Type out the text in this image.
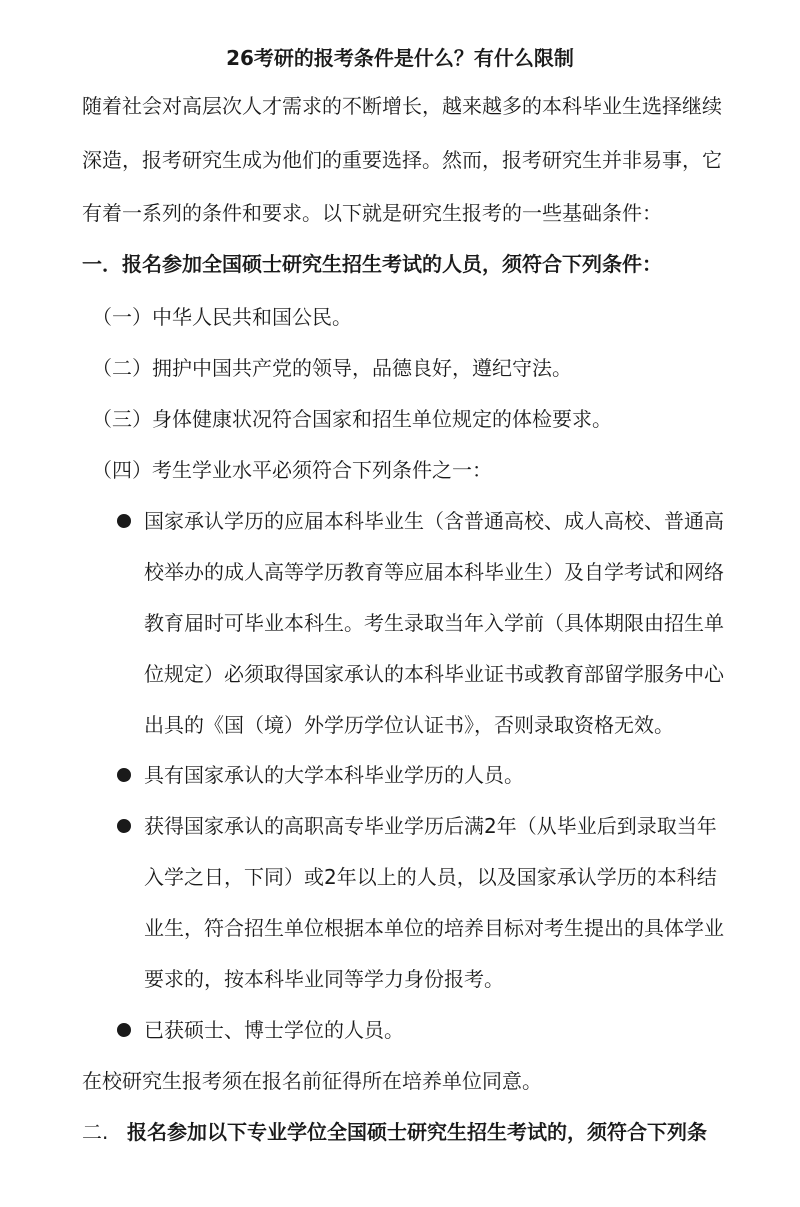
26考研的报考条件是什么？有什么限制
随着社会对高层次人才需求的不断增长，越来越多的本科毕业生选择继续
深造，报考研究生成为他们的重要选择。然而，报考研究生并非易事，它
有着一系列的条件和要求。以下就是研究生报考的一些基础条件：
一．报名参加全国硕士研究生招生考试的人员，须符合下列条件：
（一）中华人民共和国公民。
（二）拥护中国共产党的领导，品德良好，遵纪守法。
（三）身体健康状况符合国家和招生单位规定的体检要求。
（四）考生学业水平必须符合下列条件之一：
国家承认学历的应届本科毕业生（含普通高校、成人高校、普通高
校举办的成人高等学历教育等应届本科毕业生）及自学考试和网络
教育届时可毕业本科生。考生录取当年入学前（具体期限由招生单
位规定）必须取得国家承认的本科毕业证书或教育部留学服务中心
出具的《国（境）外学历学位认证书》，否则录取资格无效。
具有国家承认的大学本科毕业学历的人员。
获得国家承认的高职高专毕业学历后满2年（从毕业后到录取当年
入学之日，下同）或2年以上的人员，以及国家承认学历的本科结
业生，符合招生单位根据本单位的培养目标对考生提出的具体学业
要求的，按本科毕业同等学力身份报考。
已获硕士、博士学位的人员。
在校研究生报考须在报名前征得所在培养单位同意。
二. 报名参加以下专业学位全国硕士研究生招生考试的，须符合下列条
